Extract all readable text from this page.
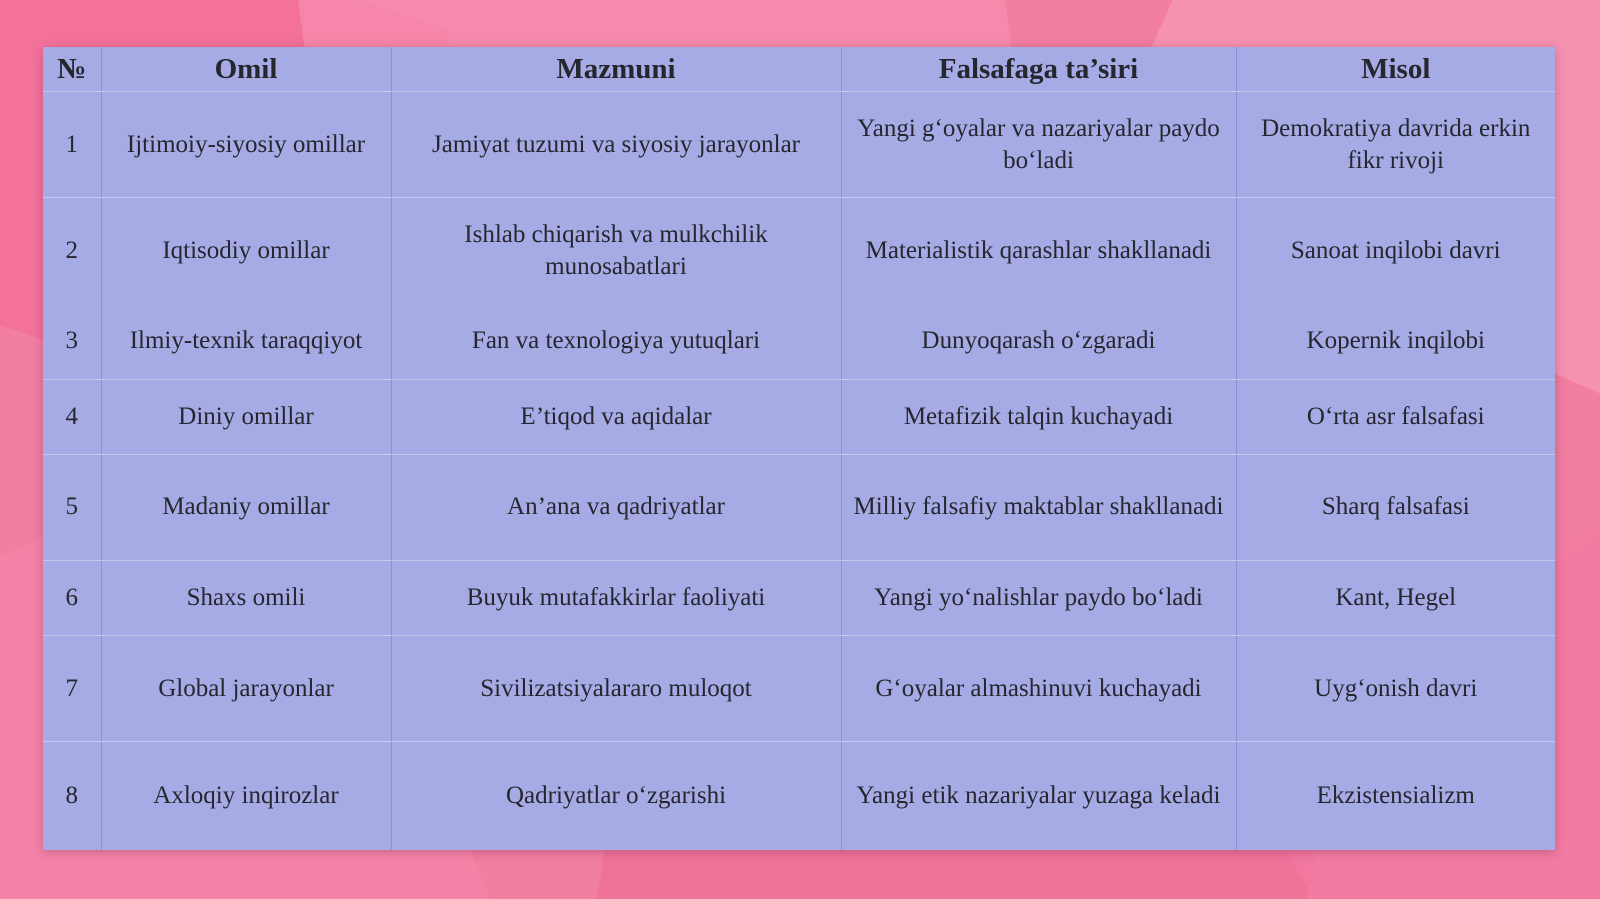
№	Omil	Mazmuni	Falsafaga ta’siri	Misol
1	Ijtimoiy-siyosiy omillar	Jamiyat tuzumi va siyosiy jarayonlar	Yangi g‘oyalar va nazariyalar paydo bo‘ladi	Demokratiya davrida erkin fikr rivoji
2	Iqtisodiy omillar	Ishlab chiqarish va mulkchilik munosabatlari	Materialistik qarashlar shakllanadi	Sanoat inqilobi davri
3	Ilmiy-texnik taraqqiyot	Fan va texnologiya yutuqlari	Dunyoqarash o‘zgaradi	Kopernik inqilobi
4	Diniy omillar	E’tiqod va aqidalar	Metafizik talqin kuchayadi	O‘rta asr falsafasi
5	Madaniy omillar	An’ana va qadriyatlar	Milliy falsafiy maktablar shakllanadi	Sharq falsafasi
6	Shaxs omili	Buyuk mutafakkirlar faoliyati	Yangi yo‘nalishlar paydo bo‘ladi	Kant, Hegel
7	Global jarayonlar	Sivilizatsiyalararo muloqot	G‘oyalar almashinuvi kuchayadi	Uyg‘onish davri
8	Axloqiy inqirozlar	Qadriyatlar o‘zgarishi	Yangi etik nazariyalar yuzaga keladi	Ekzistensializm
